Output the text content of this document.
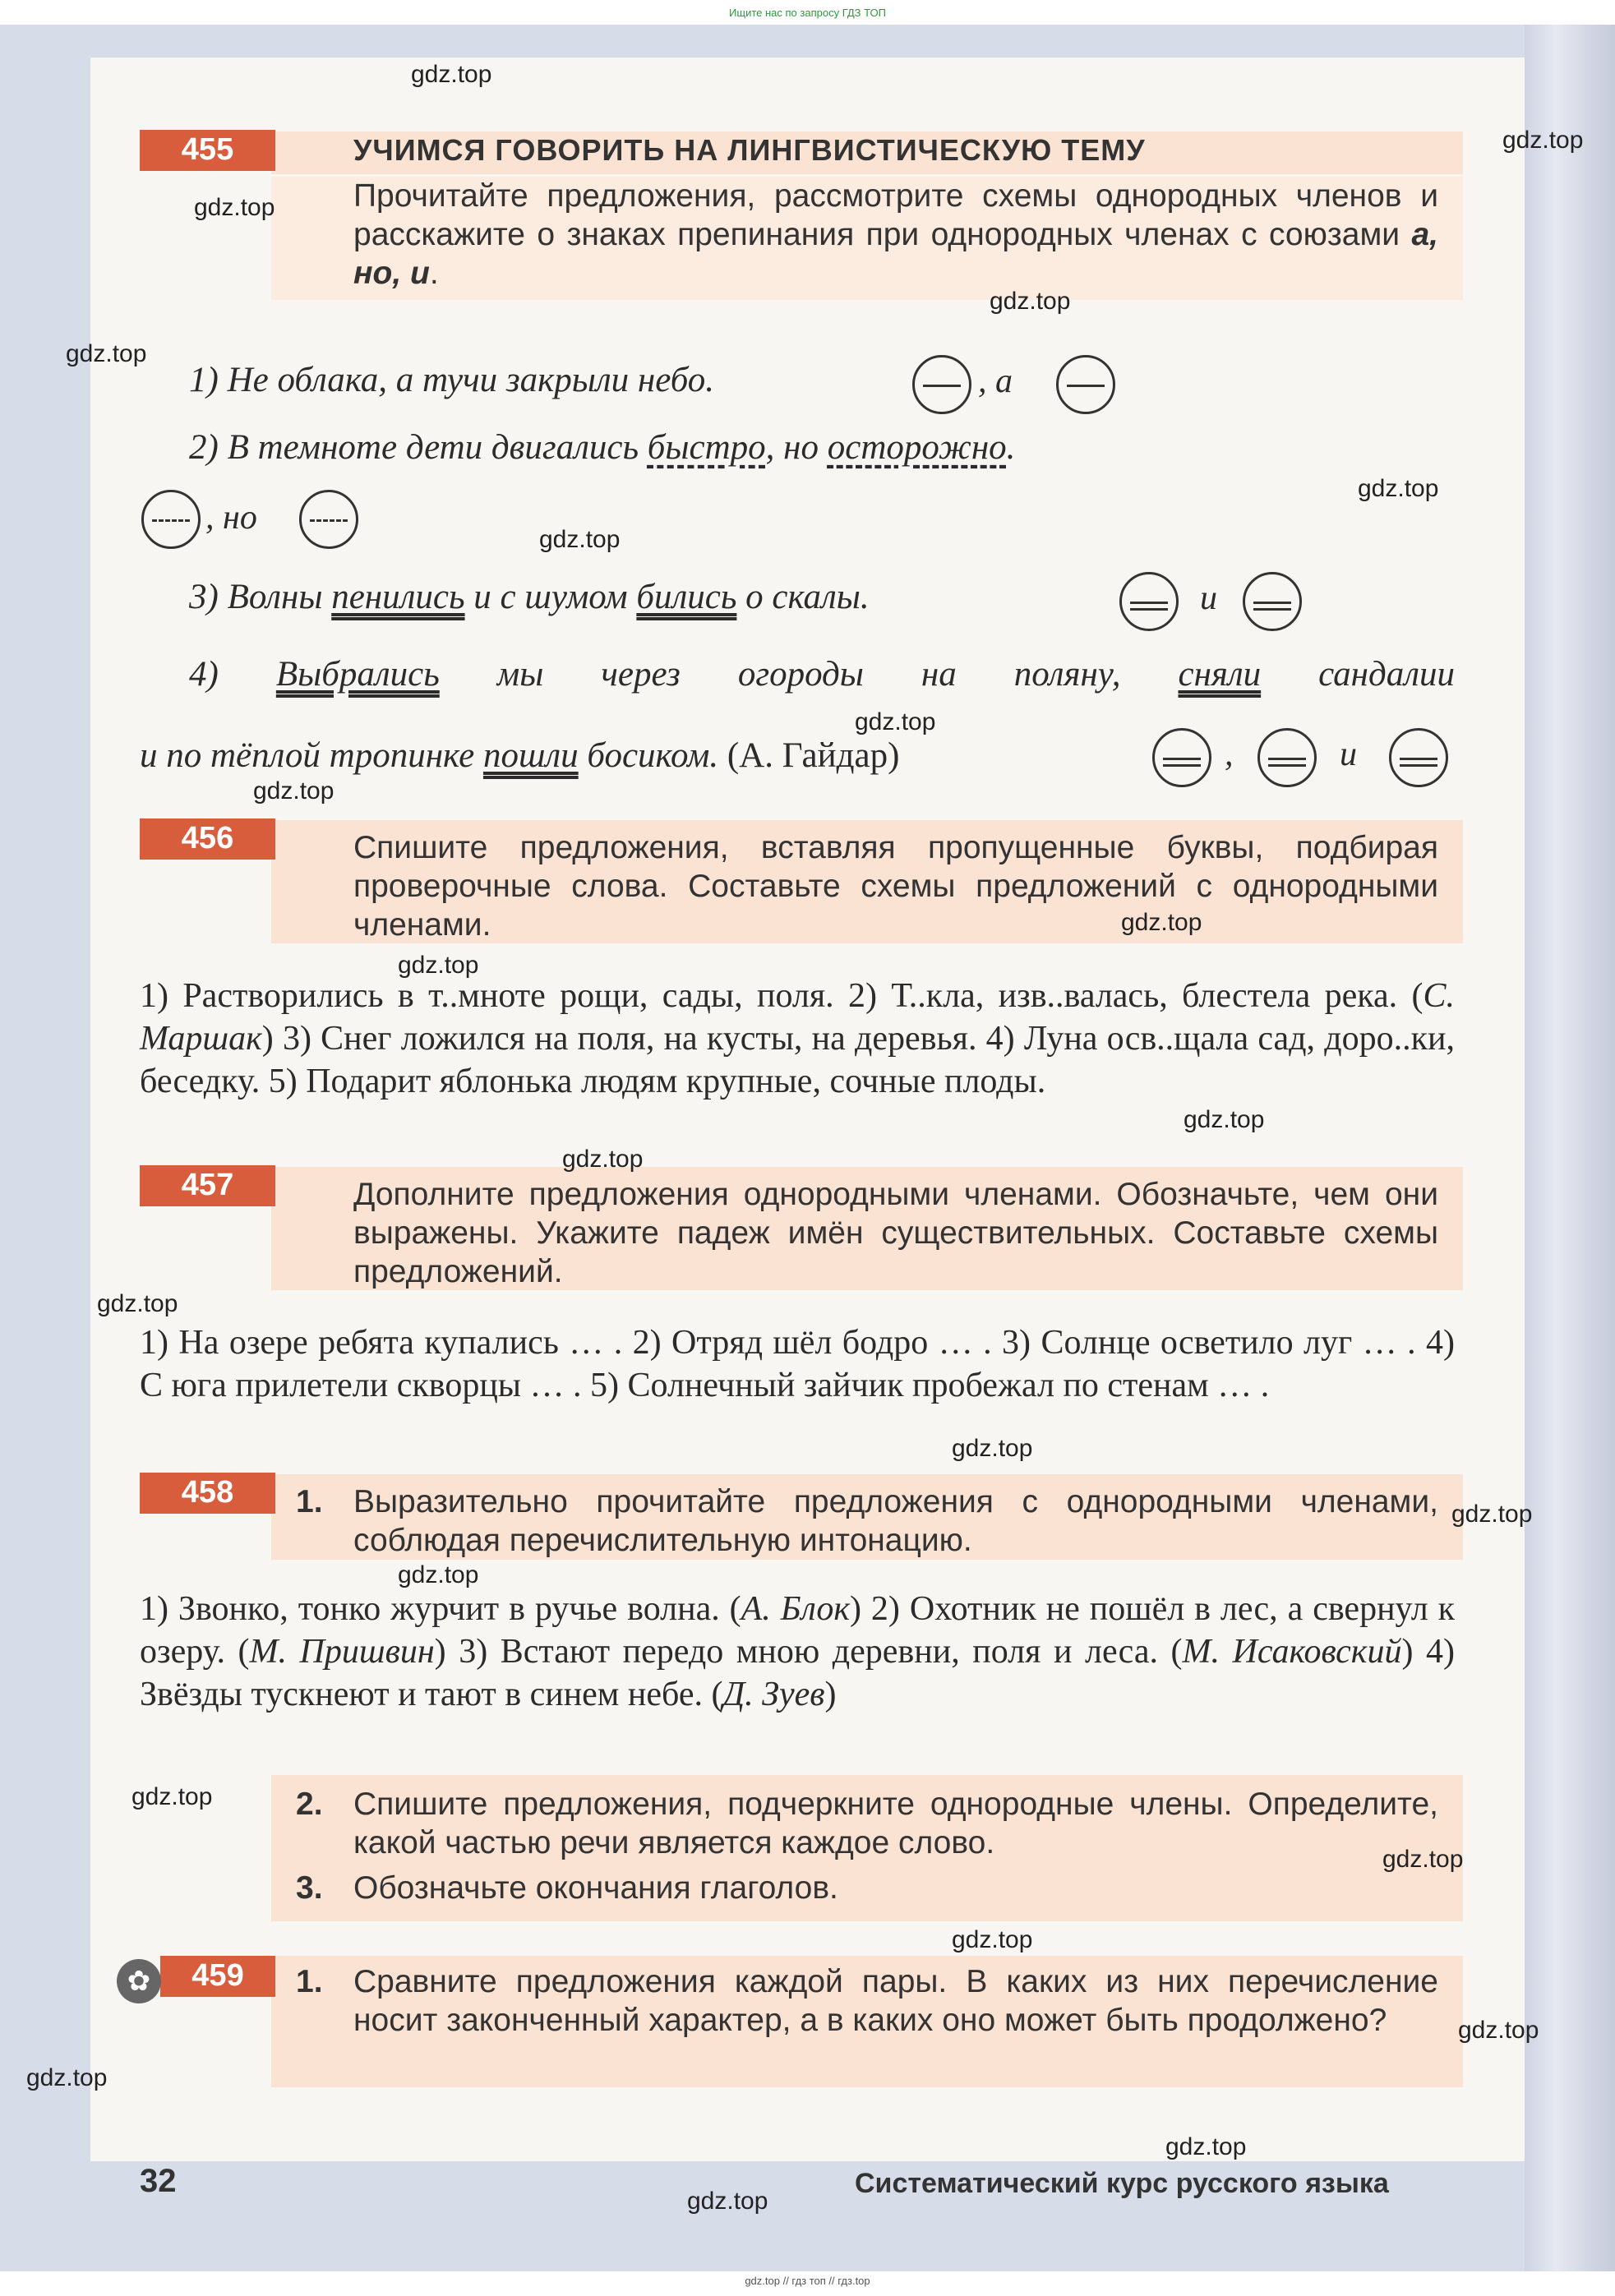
Ищите нас по запросу ГДЗ ТОП
455	УЧИМСЯ ГОВОРИТЬ НА ЛИНГВИСТИЧЕСКУЮ ТЕМУ
Прочитайте предложения, рассмотрите схемы однородных членов и расскажите о знаках препинания при однородных членах с союзами а, но, и.
1) Не облака, а тучи закрыли небо.	, а
2) В темноте дети двигались быстро, но осторожно.
, но
3) Волны пенились и с шумом бились о скалы.	и
4) Выбрались мы через огороды на поляну, сняли сандалии
и по тёплой тропинке пошли босиком. (А. Гайдар)	,	и
456	Спишите предложения, вставляя пропущенные буквы, подбирая проверочные слова. Составьте схемы предложений с однородными членами.
1) Растворились в т..мноте рощи, сады, поля. 2) Т..кла, изв..валась, блестела река. (С. Маршак) 3) Снег ложился на поля, на кусты, на деревья. 4) Луна осв..щала сад, доро..ки, беседку. 5) Подарит яблонька людям крупные, сочные плоды.
457	Дополните предложения однородными членами. Обозначьте, чем они выражены. Укажите падеж имён существительных. Составьте схемы предложений.
1) На озере ребята купались … . 2) Отряд шёл бодро … . 3) Солнце осветило луг … . 4) С юга прилетели скворцы … . 5) Солнечный зайчик пробежал по стенам … .
458	1. Выразительно прочитайте предложения с однородными членами, соблюдая перечислительную интонацию.
1) Звонко, тонко журчит в ручье волна. (А. Блок) 2) Охотник не пошёл в лес, а свернул к озеру. (М. Пришвин) 3) Встают передо мною деревни, поля и леса. (М. Исаковский) 4) Звёзды тускнеют и тают в синем небе. (Д. Зуев)
2. Спишите предложения, подчеркните однородные члены. Определите, какой частью речи является каждое слово.
3. Обозначьте окончания глаголов.
459
✿	1. Сравните предложения каждой пары. В каких из них перечисление носит законченный характер, а в каких оно может быть продолжено?
32	Систематический курс русского языка
gdz.top
gdz.top
gdz.top
gdz.top
gdz.top
gdz.top
gdz.top
gdz.top
gdz.top
gdz.top
gdz.top
gdz.top
gdz.top
gdz.top
gdz.top
gdz.top
gdz.top
gdz.top
gdz.top
gdz.top
gdz.top
gdz.top
gdz.top
gdz.top
gdz.top // гдз топ // гдз.top
